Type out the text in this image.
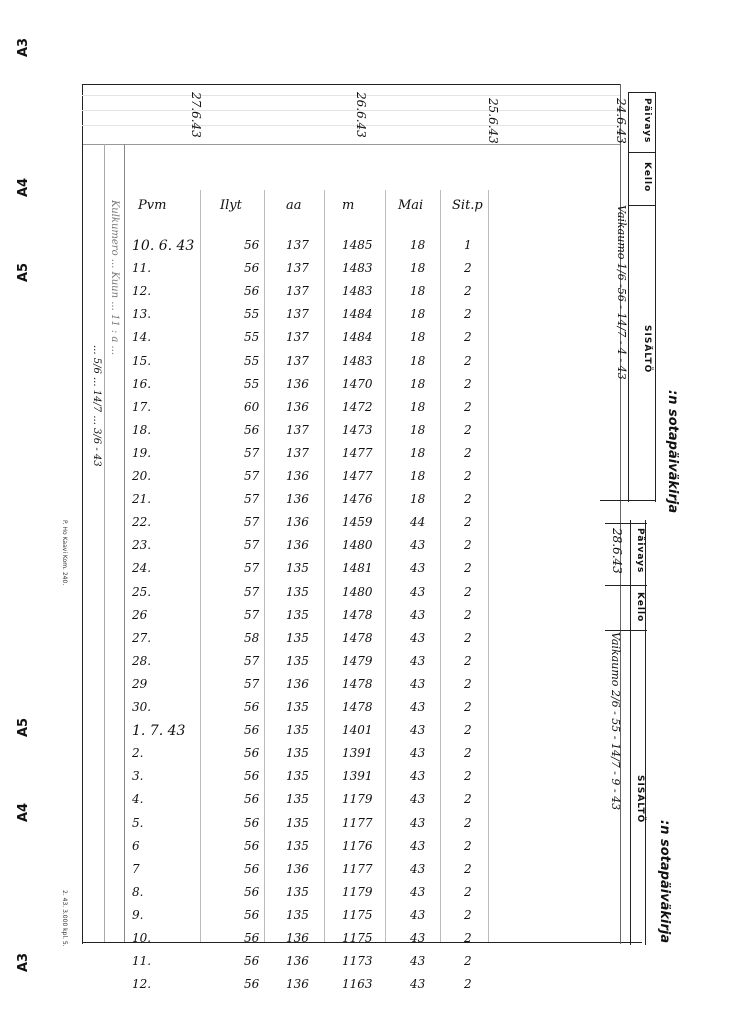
A3
A4
A5
A5
A4
A3
Päivays
Kello
SISÄLTÖ
24.6.43
Vaikaumo 1/6 -56 - 14/7 - 4 - 43
:n sotapäiväkirja
Päivays
Kello
SISÄLTÖ
28.6.43
Vaikaumo 2/6 - 55 - 14/7 - 9 - 43
:n sotapäiväkirja
27.6.43	26.6.43	25.6.43
Kulkumero ... Kuun ... 11 : a ...
... 5/6 ... 14/7 ... 3/6 - 43
P. Ho Kaavi Kom. 240.
2. 43. 3.000 kpl. 5.
Pvm	Ilyt	aa	m	Mai Sit.p
10. 6. 43	56 137	1485	18	1
11.	56 137	1483	18	2
12.	56 137	1483	18	2
13.	55 137	1484	18	2
14.	55 137	1484	18	2
15.	55 137	1483	18	2
16.	55 136	1470	18	2
17.	60 136	1472	18	2
18.	56 137	1473	18	2
19.	57 137	1477	18	2
20.	57 136	1477	18	2
21.	57 136	1476	18	2
22.	57 136	1459	44	2
23.	57 136	1480	43	2
24.	57 135	1481	43	2
25.	57 135	1480	43	2
26	57 135	1478	43	2
27.	58 135	1478	43	2
28.	57 135	1479	43	2
29	57 136	1478	43	2
30.	56 135	1478	43	2
1. 7. 43	56 135	1401	43	2
2.	56 135	1391	43	2
3.	56 135	1391	43	2
4.	56 135	1179	43	2
5.	56 135	1177	43	2
6	56 135	1176	43	2
7	56 136	1177	43	2
8.	56 135	1179	43	2
9.	56 135	1175	43	2
10.	56 136	1175	43	2
11.	56 136	1173	43	2
12.	56 136	1163	43	2
